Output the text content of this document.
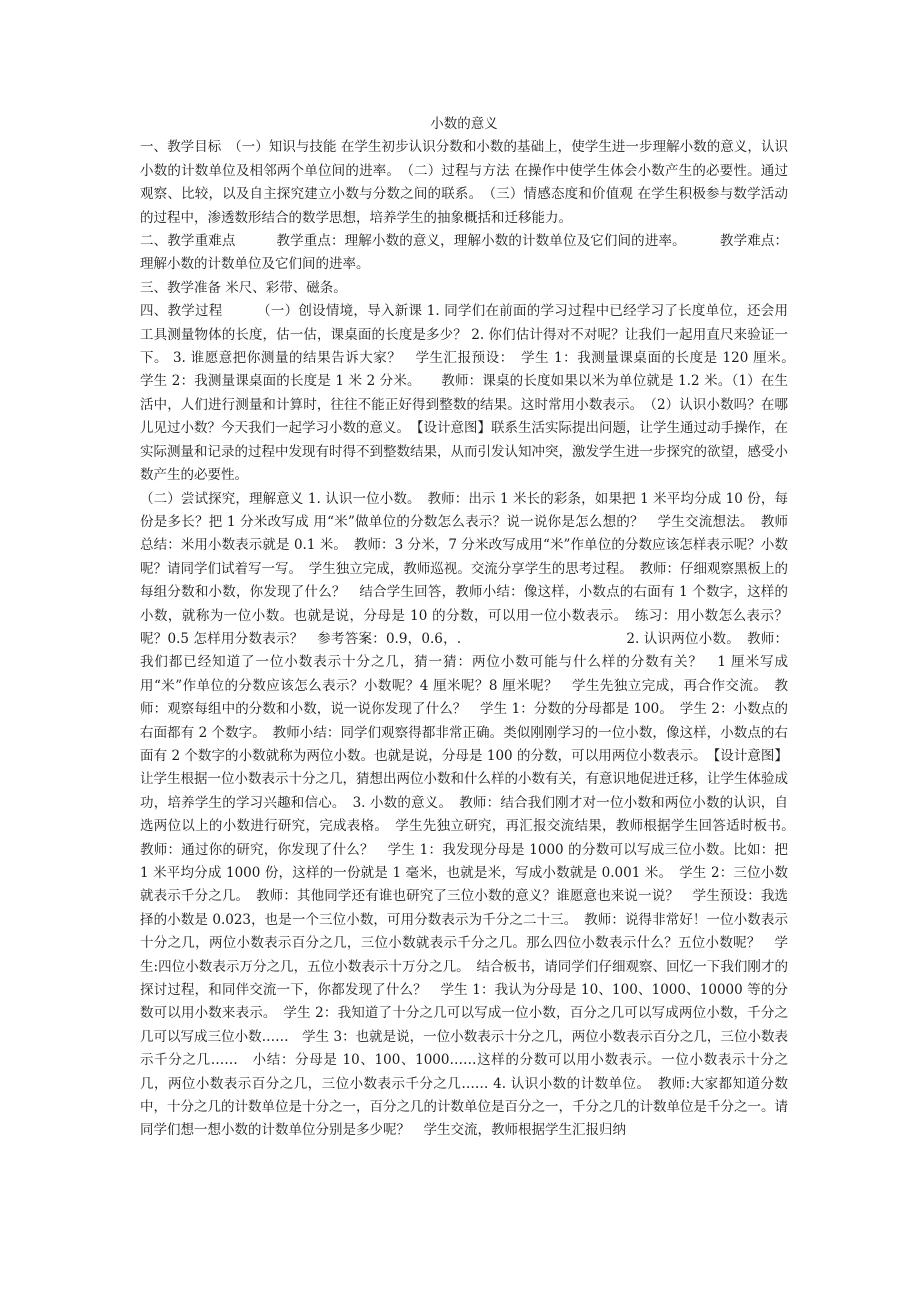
小数的意义

一、教学目标　（一）知识与技能 在学生初步认识分数和小数的基础上，使学生进一步理解小数的意义，认识小数的计数单位及相邻两个单位间的进率。　（二）过程与方法 在操作中使学生体会小数产生的必要性。通过观察、比较，以及自主探究建立小数与分数之间的联系。　（三）情感态度和价值观 在学生积极参与数学活动的过程中，渗透数形结合的数学思想，培养学生的抽象概括和迁移能力。

二、教学重难点　　　教学重点：理解小数的意义，理解小数的计数单位及它们间的进率。　　　教学难点：理解小数的计数单位及它们间的进率。

三、教学准备 米尺、彩带、磁条。

四、教学过程　　　（一）创设情境，导入新课 1. 同学们在前面的学习过程中已经学习了长度单位，还会用工具测量物体的长度，估一估，课桌面的长度是多少？ 2. 你们估计得对不对呢？让我们一起用直尺来验证一下。 3. 谁愿意把你测量的结果告诉大家？　学生汇报预设：　学生 1：我测量课桌面的长度是 120 厘米。　学生 2：我测量课桌面的长度是 1 米 2 分米。　　教师：课桌的长度如果以米为单位就是 1.2 米。（1）在生活中，人们进行测量和计算时，往往不能正好得到整数的结果。这时常用小数表示。　（2）认识小数吗？在哪儿见过小数？今天我们一起学习小数的意义。　【设计意图】联系生活实际提出问题，让学生通过动手操作，在实际测量和记录的过程中发现有时得不到整数结果，从而引发认知冲突，激发学生进一步探究的欲望，感受小数产生的必要性。

（二）尝试探究，理解意义 1. 认识一位小数。　教师：出示 1 米长的彩条，如果把 1 米平均分成 10 份，每份是多长？把 1 分米改写成 用“米”做单位的分数怎么表示？说一说你是怎么想的？　学生交流想法。　教师总结：米用小数表示就是 0.1 米。　教师：3 分米，7 分米改写成用“米”作单位的分数应该怎样表示呢？小数呢？请同学们试着写一写。　学生独立完成，教师巡视。交流分享学生的思考过程。　教师：仔细观察黑板上的每组分数和小数，你发现了什么？　结合学生回答，教师小结：像这样，小数点的右面有 1 个数字，这样的小数，就称为一位小数。也就是说，分母是 10 的分数，可以用一位小数表示。　练习：用小数怎么表示？呢？0.5 怎样用分数表示？　参考答案：0.9，0.6，.　　　　　　　　　　　　2. 认识两位小数。　教师：我们都已经知道了一位小数表示十分之几，猜一猜：两位小数可能与什么样的分数有关？　1 厘米写成用“米”作单位的分数应该怎么表示？小数呢？4 厘米呢？8 厘米呢？　学生先独立完成，再合作交流。　教师：观察每组中的分数和小数，说一说你发现了什么？　学生 1：分数的分母都是 100。　学生 2：小数点的右面都有 2 个数字。　教师小结：同学们观察得都非常正确。类似刚刚学习的一位小数，像这样，小数点的右面有 2 个数字的小数就称为两位小数。也就是说，分母是 100 的分数，可以用两位小数表示。　【设计意图】让学生根据一位小数表示十分之几，猜想出两位小数和什么样的小数有关，有意识地促进迁移，让学生体验成功，培养学生的学习兴趣和信心。　3. 小数的意义。　教师：结合我们刚才对一位小数和两位小数的认识，自选两位以上的小数进行研究，完成表格。　学生先独立研究，再汇报交流结果，教师根据学生回答适时板书。　教师：通过你的研究，你发现了什么？　学生 1：我发现分母是 1000 的分数可以写成三位小数。比如：把 1 米平均分成 1000 份，这样的一份就是 1 毫米，也就是米，写成小数就是 0.001 米。　学生 2：三位小数就表示千分之几。　教师：其他同学还有谁也研究了三位小数的意义？谁愿意也来说一说？　学生预设：我选择的小数是 0.023，也是一个三位小数，可用分数表示为千分之二十三。　教师：说得非常好！一位小数表示十分之几，两位小数表示百分之几，三位小数就表示千分之几。那么四位小数表示什么？五位小数呢？　学生:四位小数表示万分之几，五位小数表示十万分之几。　结合板书，请同学们仔细观察、回忆一下我们刚才的探讨过程，和同伴交流一下，你都发现了什么？　学生 1：我认为分母是 10、100、1000、10000 等的分数可以用小数来表示。　学生 2：我知道了十分之几可以写成一位小数，百分之几可以写成两位小数，千分之几可以写成三位小数……　学生 3：也就是说，一位小数表示十分之几，两位小数表示百分之几，三位小数表示千分之几……　小结：分母是 10、100、1000……这样的分数可以用小数表示。一位小数表示十分之几，两位小数表示百分之几，三位小数表示千分之几…… 4. 认识小数的计数单位。　教师:大家都知道分数中，十分之几的计数单位是十分之一，百分之几的计数单位是百分之一，千分之几的计数单位是千分之一。请同学们想一想小数的计数单位分别是多少呢？　学生交流，教师根据学生汇报归纳
